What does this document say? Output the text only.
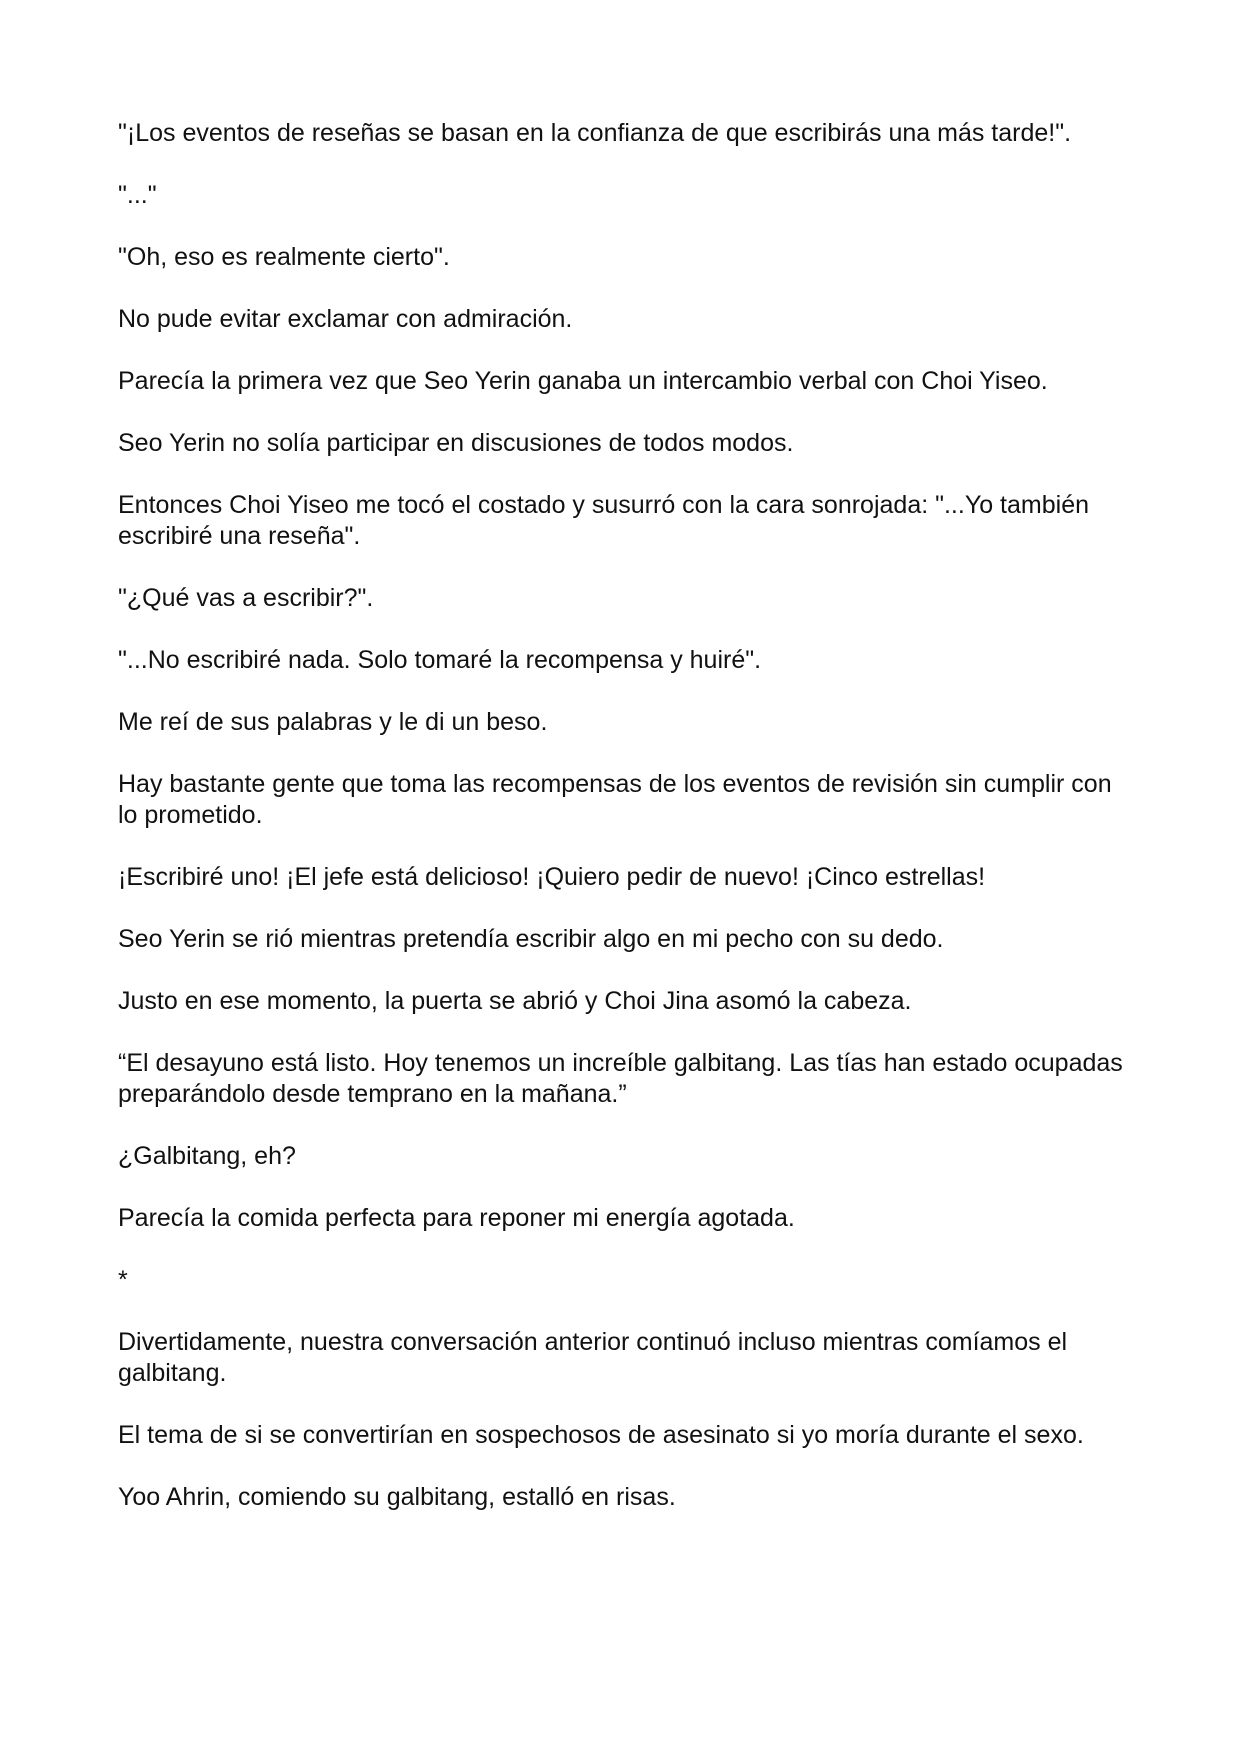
"¡Los eventos de reseñas se basan en la confianza de que escribirás una más tarde!".

"..."

"Oh, eso es realmente cierto".

No pude evitar exclamar con admiración.

Parecía la primera vez que Seo Yerin ganaba un intercambio verbal con Choi Yiseo.

Seo Yerin no solía participar en discusiones de todos modos.

Entonces Choi Yiseo me tocó el costado y susurró con la cara sonrojada: "...Yo también escribiré una reseña".

"¿Qué vas a escribir?".

"...No escribiré nada. Solo tomaré la recompensa y huiré".

Me reí de sus palabras y le di un beso.

Hay bastante gente que toma las recompensas de los eventos de revisión sin cumplir con lo prometido.

¡Escribiré uno! ¡El jefe está delicioso! ¡Quiero pedir de nuevo! ¡Cinco estrellas!

Seo Yerin se rió mientras pretendía escribir algo en mi pecho con su dedo.

Justo en ese momento, la puerta se abrió y Choi Jina asomó la cabeza.

“El desayuno está listo. Hoy tenemos un increíble galbitang. Las tías han estado ocupadas preparándolo desde temprano en la mañana.”

¿Galbitang, eh?

Parecía la comida perfecta para reponer mi energía agotada.

*

Divertidamente, nuestra conversación anterior continuó incluso mientras comíamos el galbitang.

El tema de si se convertirían en sospechosos de asesinato si yo moría durante el sexo.

Yoo Ahrin, comiendo su galbitang, estalló en risas.
